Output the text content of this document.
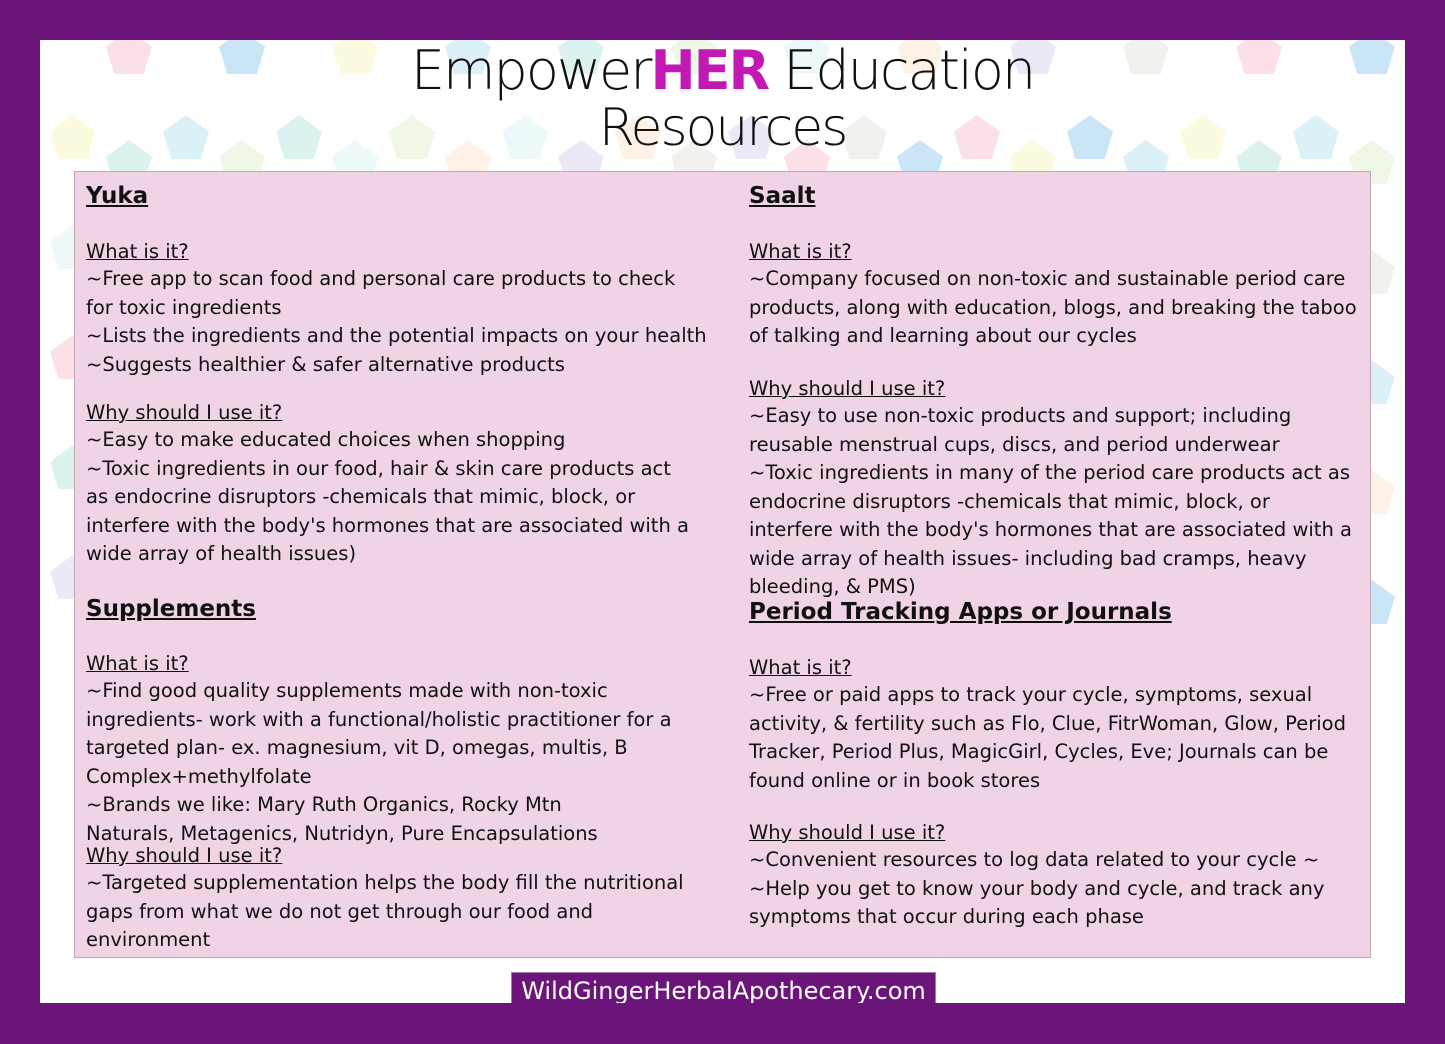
EmpowerHER Education
Resources

Yuka

What is it?

~Free app to scan food and personal care products to check for toxic ingredients

~Lists the ingredients and the potential impacts on your health

~Suggests healthier & safer alternative products

Why should I use it?

~Easy to make educated choices when shopping

~Toxic ingredients in our food, hair & skin care products act as endocrine disruptors -chemicals that mimic, block, or interfere with the body's hormones that are associated with a wide array of health issues)

Supplements

What is it?

~Find good quality supplements made with non-toxic ingredients- work with a functional/holistic practitioner for a targeted plan- ex. magnesium, vit D, omegas, multis, B Complex+methylfolate

~Brands we like: Mary Ruth Organics, Rocky Mtn Naturals, Metagenics, Nutridyn, Pure Encapsulations

Why should I use it?

~Targeted supplementation helps the body fill the nutritional gaps from what we do not get through our food and environment

Saalt

What is it?

~Company focused on non-toxic and sustainable period care products, along with education, blogs, and breaking the taboo of talking and learning about our cycles

Why should I use it?

~Easy to use non-toxic products and support; including reusable menstrual cups, discs, and period underwear

~Toxic ingredients in many of the period care products act as endocrine disruptors -chemicals that mimic, block, or interfere with the body's hormones that are associated with a wide array of health issues- including bad cramps, heavy bleeding, & PMS)

Period Tracking Apps or Journals

What is it?

~Free or paid apps to track your cycle, symptoms, sexual activity, & fertility such as Flo, Clue, FitrWoman, Glow, Period Tracker, Period Plus, MagicGirl, Cycles, Eve; Journals can be found online or in book stores

Why should I use it?

~Convenient resources to log data related to your cycle ~

~Help you get to know your body and cycle, and track any symptoms that occur during each phase

WildGingerHerbalApothecary.com
